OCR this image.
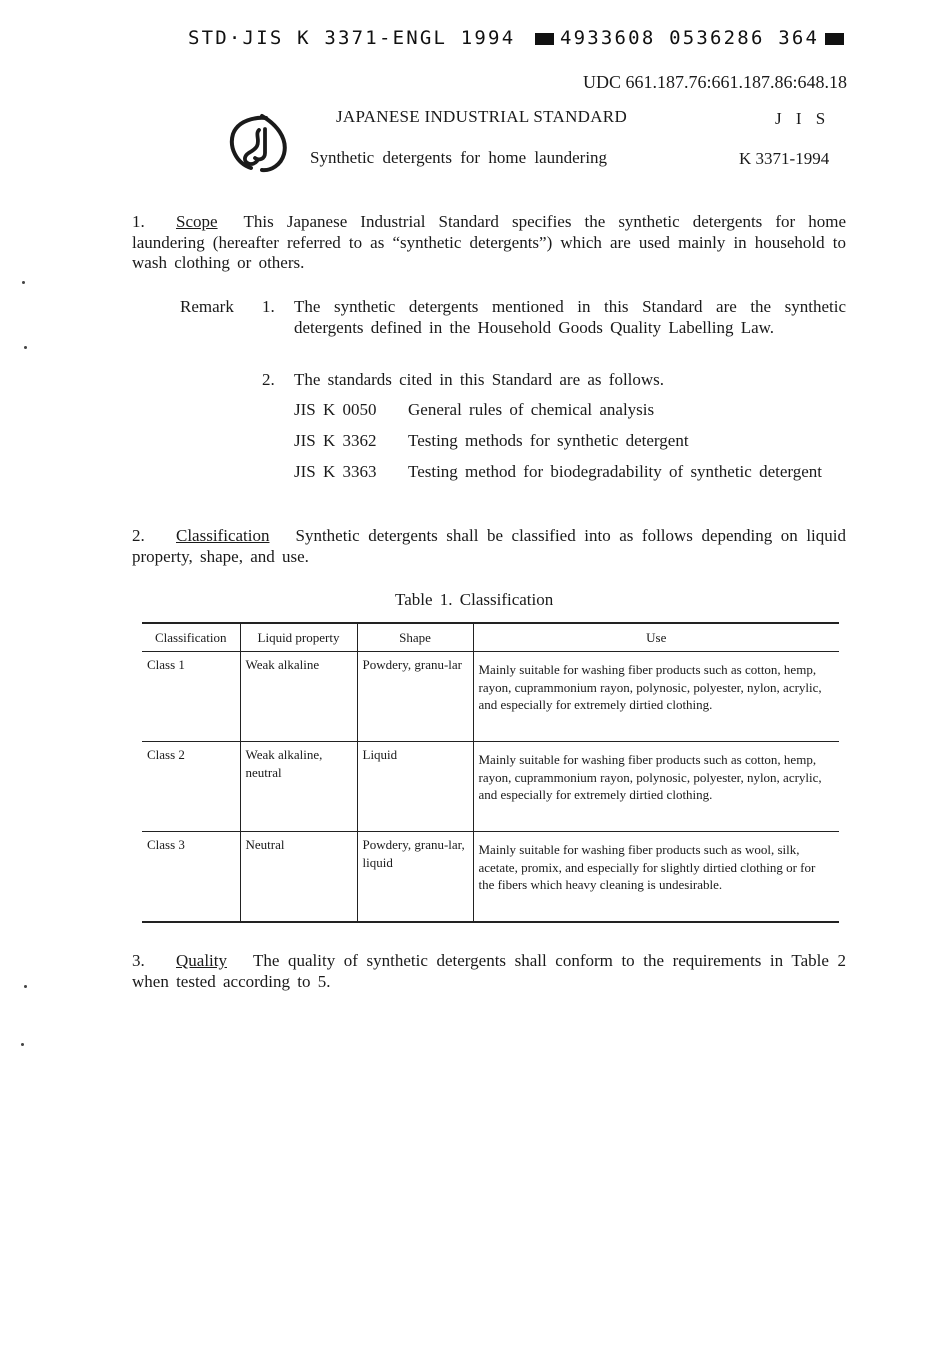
STD·JIS K 3371-ENGL 1994 4933608 0536286 364
UDC 661.187.76:661.187.86:648.18
JAPANESE INDUSTRIAL STANDARD	J I S
Synthetic detergents for home laundering	K 3371-1994
1. Scope This Japanese Industrial Standard specifies the synthetic detergents for home laundering (hereafter referred to as “synthetic detergents”) which are used mainly in household to wash clothing or others.
Remark 1. The synthetic detergents mentioned in this Standard are the synthetic detergents defined in the Household Goods Quality Labelling Law.
2. The standards cited in this Standard are as follows.
JIS K 0050 General rules of chemical analysis
JIS K 3362 Testing methods for synthetic detergent
JIS K 3363 Testing method for biodegradability of synthetic detergent
2. Classification Synthetic detergents shall be classified into as follows depending on liquid property, shape, and use.
Table 1. Classification
Classification	Liquid property	Shape	Use
Class 1	Weak alkaline	Powdery, granu-lar	Mainly suitable for washing fiber products such as cotton, hemp, rayon, cuprammonium rayon, polynosic, polyester, nylon, acrylic, and especially for extremely dirtied clothing.
Class 2	Weak alkaline, neutral	Liquid	Mainly suitable for washing fiber products such as cotton, hemp, rayon, cuprammonium rayon, polynosic, polyester, nylon, acrylic, and especially for extremely dirtied clothing.
Class 3	Neutral	Powdery, granu-lar, liquid	Mainly suitable for washing fiber products such as wool, silk, acetate, promix, and especially for slightly dirtied clothing or for the fibers which heavy cleaning is undesirable.
3. Quality The quality of synthetic detergents shall conform to the requirements in Table 2 when tested according to 5.
